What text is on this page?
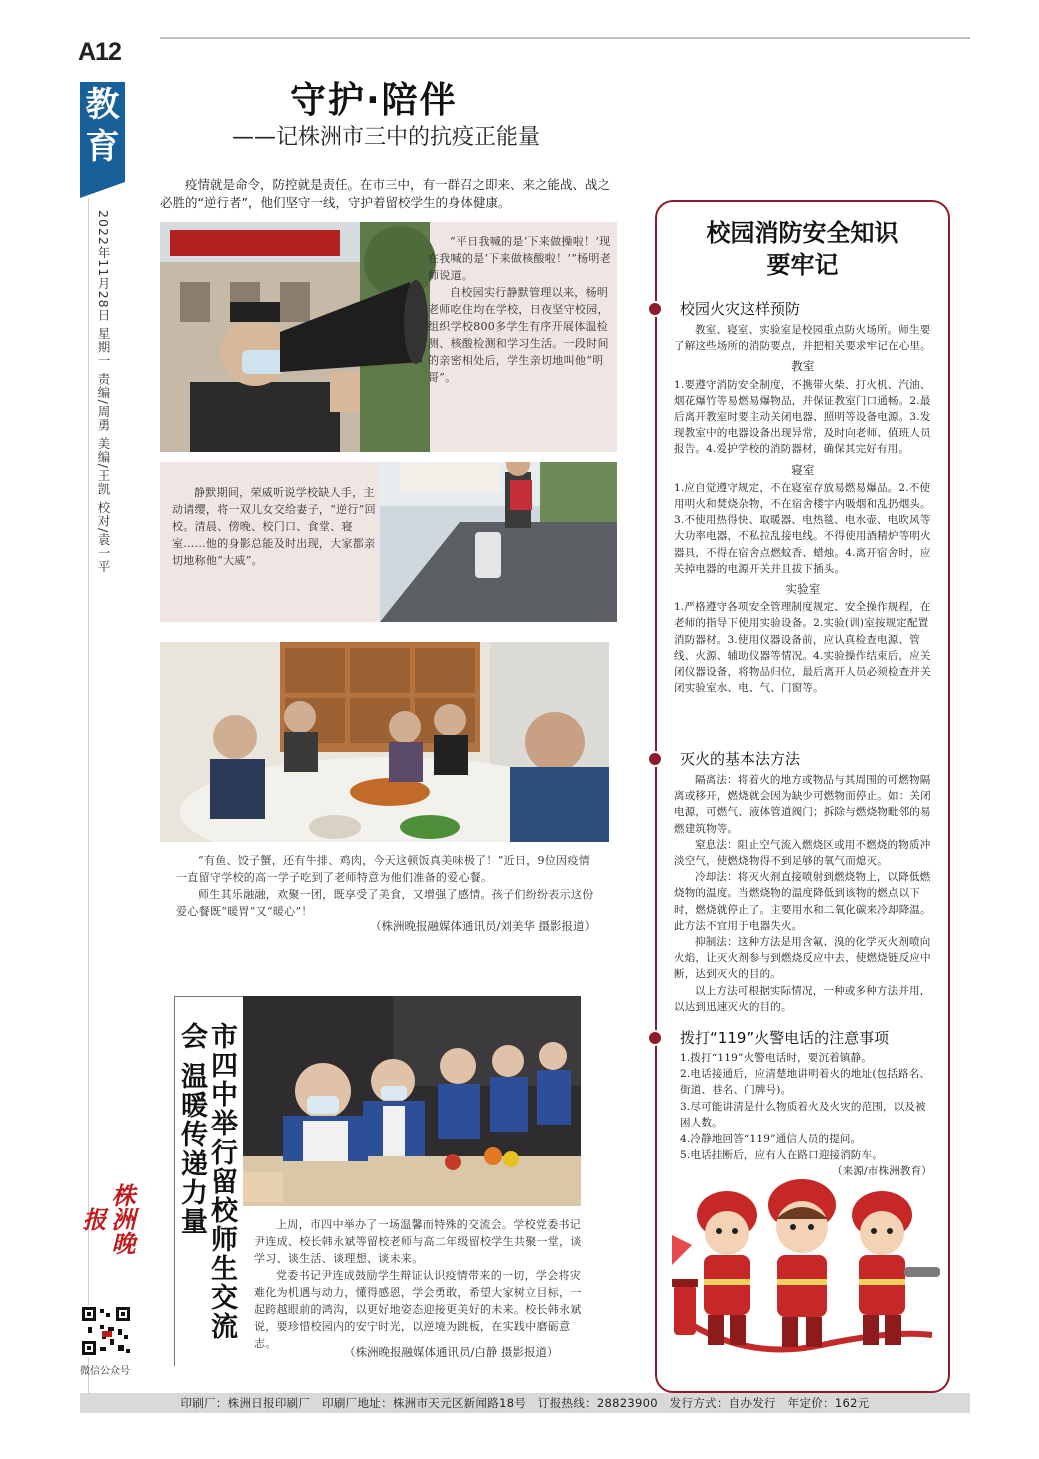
A12
教育
2022年11月28日 星期一 责编/周勇 美编/王凯 校对/袁一平
株洲晚报
微信公众号
守护·陪伴
——记株洲市三中的抗疫正能量
疫情就是命令，防控就是责任。在市三中，有一群召之即来、来之能战、战之必胜的“逆行者”，他们坚守一线，守护着留校学生的身体健康。

“平日我喊的是‘下来做操啦！’现在我喊的是‘下来做核酸啦！’”杨明老师说道。

自校园实行静默管理以来，杨明老师吃住均在学校，日夜坚守校园，组织学校800多学生有序开展体温检测、核酸检测和学习生活。一段时间的亲密相处后，学生亲切地叫他“明哥”。

静默期间，荣威听说学校缺人手，主动请缨，将一双儿女交给妻子，“逆行”回校。清晨、傍晚、校门口、食堂、寝室……他的身影总能及时出现，大家都亲切地称他“大威”。

“有鱼、饺子蟹，还有牛排、鸡肉，今天这顿饭真美味极了！”近日，9位因疫情一直留守学校的高一学子吃到了老师特意为他们准备的爱心餐。

师生其乐融融，欢聚一团，既享受了美食，又增强了感情。孩子们纷纷表示这份爱心餐既“暖胃”又“暖心”！

（株洲晚报融媒体通讯员/刘美华 摄影报道）
市四中举行留校师生交流会 温暖传递力量	上周，市四中举办了一场温馨而特殊的交流会。学校党委书记尹连成、校长韩永斌等留校老师与高二年级留校学生共聚一堂，谈学习、谈生活、谈理想、谈未来。

党委书记尹连成鼓励学生辩证认识疫情带来的一切，学会将灾难化为机遇与动力，懂得感恩，学会勇敢，希望大家树立目标，一起跨越眼前的鸿沟，以更好地姿态迎接更美好的未来。校长韩永斌说，要珍惜校园内的安宁时光，以逆境为跳板，在实践中磨砺意志。

（株洲晚报融媒体通讯员/白静 摄影报道）
校园消防安全知识
要牢记
校园火灾这样预防

教室、寝室、实验室是校园重点防火场所。师生要了解这些场所的消防要点，并把相关要求牢记在心里。

教室

1.要遵守消防安全制度，不携带火柴、打火机、汽油、烟花爆竹等易燃易爆物品，并保证教室门口通畅。2.最后离开教室时要主动关闭电器、照明等设备电源。3.发现教室中的电器设备出现异常，及时向老师、值班人员报告。4.爱护学校的消防器材，确保其完好有用。

寝室

1.应自觉遵守规定，不在寝室存放易燃易爆品。2.不使用明火和焚烧杂物，不在宿舍楼宇内吸烟和乱扔烟头。3.不使用热得快、取暖器、电热毯、电水壶、电吹风等大功率电器，不私拉乱接电线。不得使用酒精炉等明火器具，不得在宿舍点燃蚊香、蜡烛。4.离开宿舍时，应关掉电器的电源开关并且拔下插头。

实验室

1.严格遵守各项安全管理制度规定、安全操作规程，在老师的指导下使用实验设备。2.实验(训)室按规定配置消防器材。3.使用仪器设备前，应认真检查电源、管线、火源、辅助仪器等情况。4.实验操作结束后，应关闭仪器设备，将物品归位，最后离开人员必须检查并关闭实验室水、电、气、门窗等。

灭火的基本法方法

隔离法：将着火的地方或物品与其周围的可燃物隔离或移开，燃烧就会因为缺少可燃物而停止。如：关闭电源，可燃气、液体管道阀门；拆除与燃烧物毗邻的易燃建筑物等。

窒息法：阻止空气流入燃烧区或用不燃烧的物质冲淡空气，使燃烧物得不到足够的氧气而熄灭。

冷却法：将灭火剂直接喷射到燃烧物上，以降低燃烧物的温度。当燃烧物的温度降低到该物的燃点以下时，燃烧就停止了。主要用水和二氧化碳来冷却降温。此方法不宜用于电器失火。

抑制法：这种方法是用含氟、溴的化学灭火剂喷向火焰，让灭火剂参与到燃烧反应中去，使燃烧链反应中断，达到灭火的目的。

以上方法可根据实际情况，一种或多种方法并用，以达到迅速灭火的目的。

拨打“119”火警电话的注意事项

1.拨打“119”火警电话时，要沉着镇静。

2.电话接通后，应清楚地讲明着火的地址(包括路名、街道、巷名、门牌号)。

3.尽可能讲清是什么物质着火及火灾的范围，以及被困人数。

4.冷静地回答“119”通信人员的提问。

5.电话挂断后，应有人在路口迎接消防车。

（来源/市株洲教育）

印刷厂：株洲日报印刷厂　印刷厂地址：株洲市天元区新闻路18号　订报热线：28823900　发行方式：自办发行　年定价：162元
